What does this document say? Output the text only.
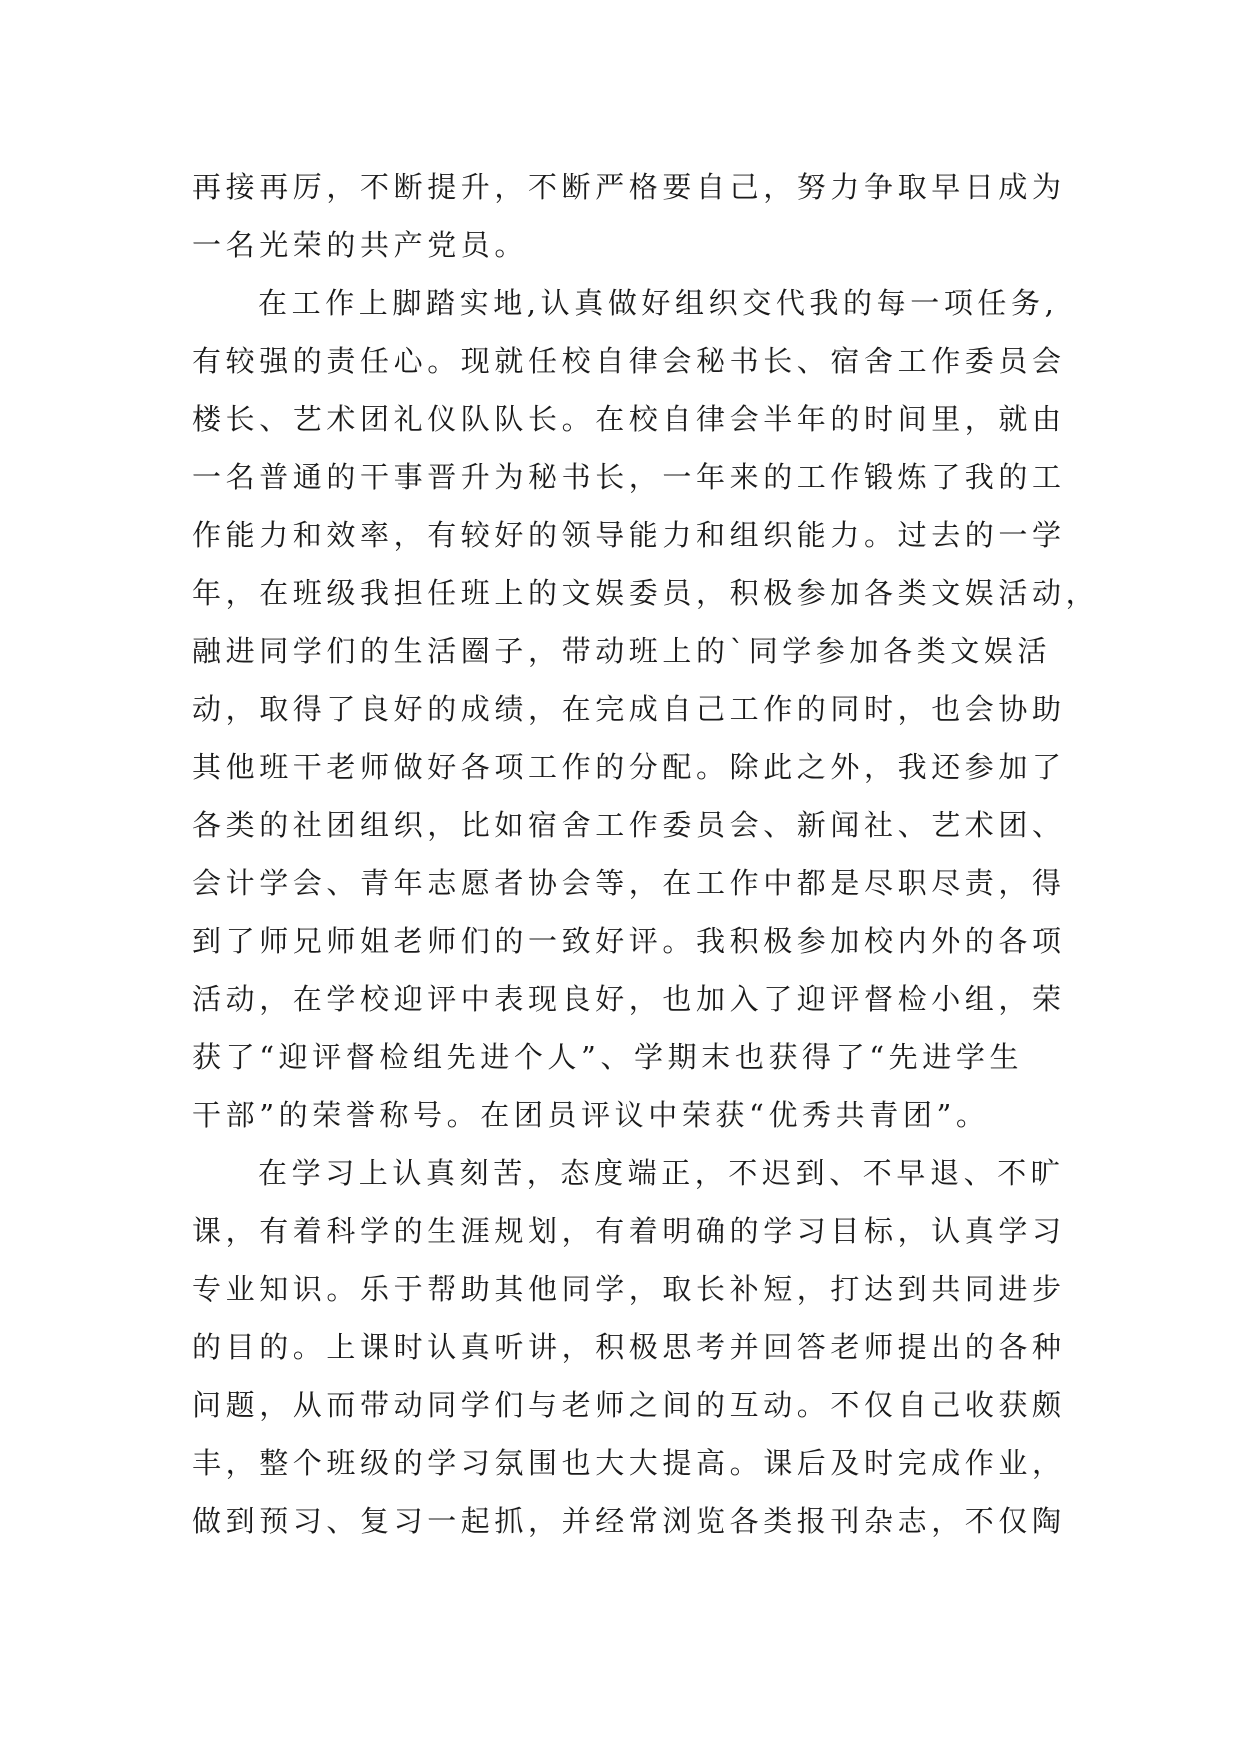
再接再厉，不断提升，不断严格要自己，努力争取早日成为
一名光荣的共产党员。
在工作上脚踏实地,认真做好组织交代我的每一项任务,
有较强的责任心。现就任校自律会秘书长、宿舍工作委员会
楼长、艺术团礼仪队队长。在校自律会半年的时间里，就由
一名普通的干事晋升为秘书长，一年来的工作锻炼了我的工
作能力和效率，有较好的领导能力和组织能力。过去的一学
年，在班级我担任班上的文娱委员，积极参加各类文娱活动，
融进同学们的生活圈子，带动班上的`同学参加各类文娱活
动，取得了良好的成绩，在完成自己工作的同时，也会协助
其他班干老师做好各项工作的分配。除此之外，我还参加了
各类的社团组织，比如宿舍工作委员会、新闻社、艺术团、
会计学会、青年志愿者协会等，在工作中都是尽职尽责，得
到了师兄师姐老师们的一致好评。我积极参加校内外的各项
活动，在学校迎评中表现良好，也加入了迎评督检小组，荣
获了“迎评督检组先进个人”、学期末也获得了“先进学生
干部”的荣誉称号。在团员评议中荣获“优秀共青团”。
在学习上认真刻苦，态度端正，不迟到、不早退、不旷
课，有着科学的生涯规划，有着明确的学习目标，认真学习
专业知识。乐于帮助其他同学，取长补短，打达到共同进步
的目的。上课时认真听讲，积极思考并回答老师提出的各种
问题，从而带动同学们与老师之间的互动。不仅自己收获颇
丰，整个班级的学习氛围也大大提高。课后及时完成作业，
做到预习、复习一起抓，并经常浏览各类报刊杂志，不仅陶
